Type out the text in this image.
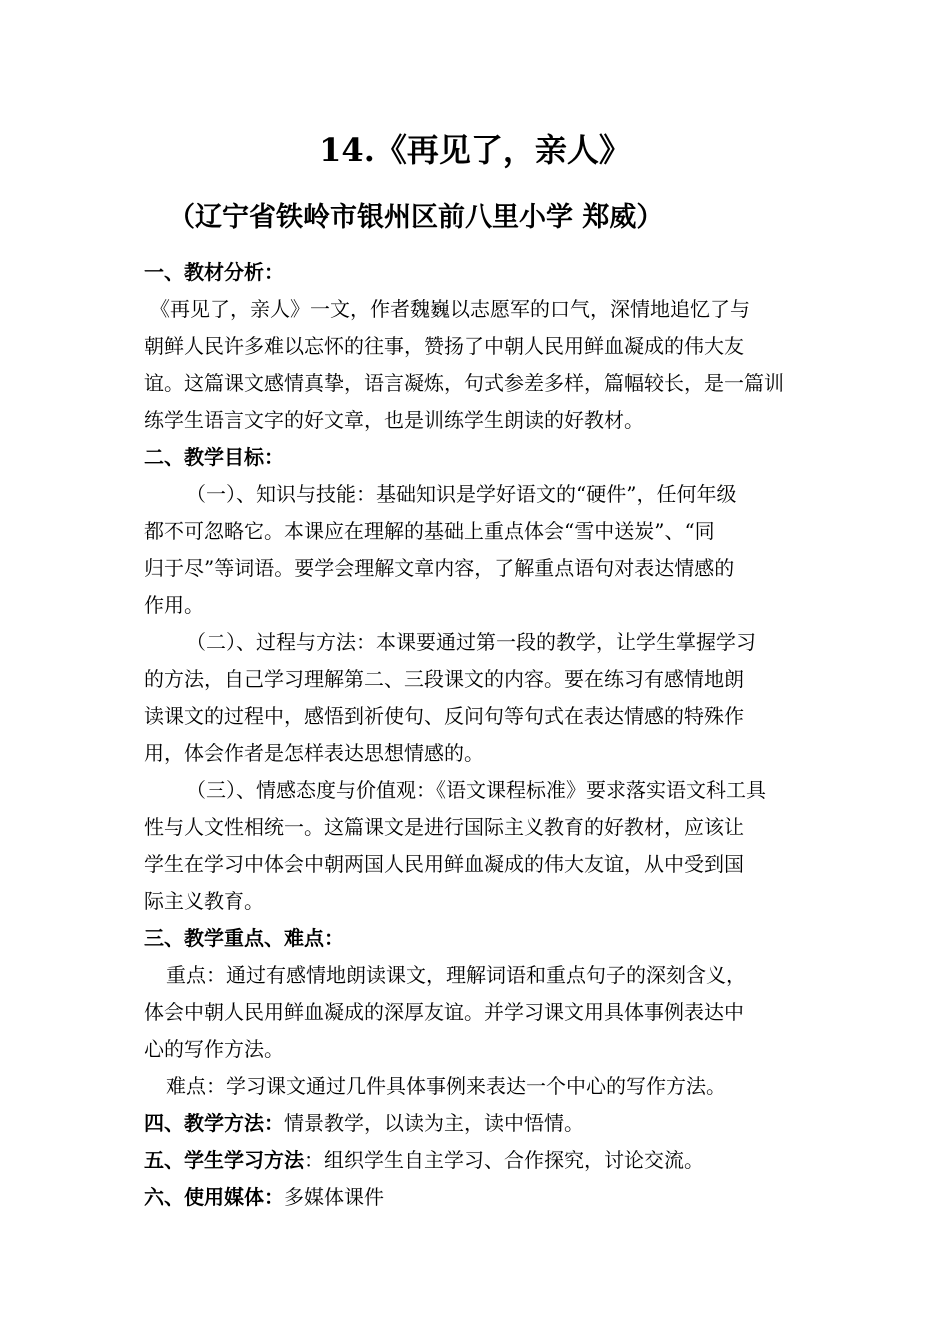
14.《再见了，亲人》
（辽宁省铁岭市银州区前八里小学 郑威）
一、教材分析：
《再见了，亲人》一文，作者魏巍以志愿军的口气，深情地追忆了与
朝鲜人民许多难以忘怀的往事，赞扬了中朝人民用鲜血凝成的伟大友
谊。这篇课文感情真挚，语言凝炼，句式参差多样，篇幅较长，是一篇训
练学生语言文字的好文章，也是训练学生朗读的好教材。
二、教学目标：
（一）、知识与技能：基础知识是学好语文的“硬件”，任何年级
都不可忽略它。本课应在理解的基础上重点体会“雪中送炭”、“同
归于尽”等词语。要学会理解文章内容，了解重点语句对表达情感的
作用。
（二）、过程与方法：本课要通过第一段的教学，让学生掌握学习
的方法，自己学习理解第二、三段课文的内容。要在练习有感情地朗
读课文的过程中，感悟到祈使句、反问句等句式在表达情感的特殊作
用，体会作者是怎样表达思想情感的。
（三）、情感态度与价值观：《语文课程标准》要求落实语文科工具
性与人文性相统一。这篇课文是进行国际主义教育的好教材，应该让
学生在学习中体会中朝两国人民用鲜血凝成的伟大友谊，从中受到国
际主义教育。
三、教学重点、难点：
重点：通过有感情地朗读课文，理解词语和重点句子的深刻含义，
体会中朝人民用鲜血凝成的深厚友谊。并学习课文用具体事例表达中
心的写作方法。
难点：学习课文通过几件具体事例来表达一个中心的写作方法。
四、教学方法：情景教学，以读为主，读中悟情。
五、学生学习方法：组织学生自主学习、合作探究，讨论交流。
六、使用媒体：多媒体课件
